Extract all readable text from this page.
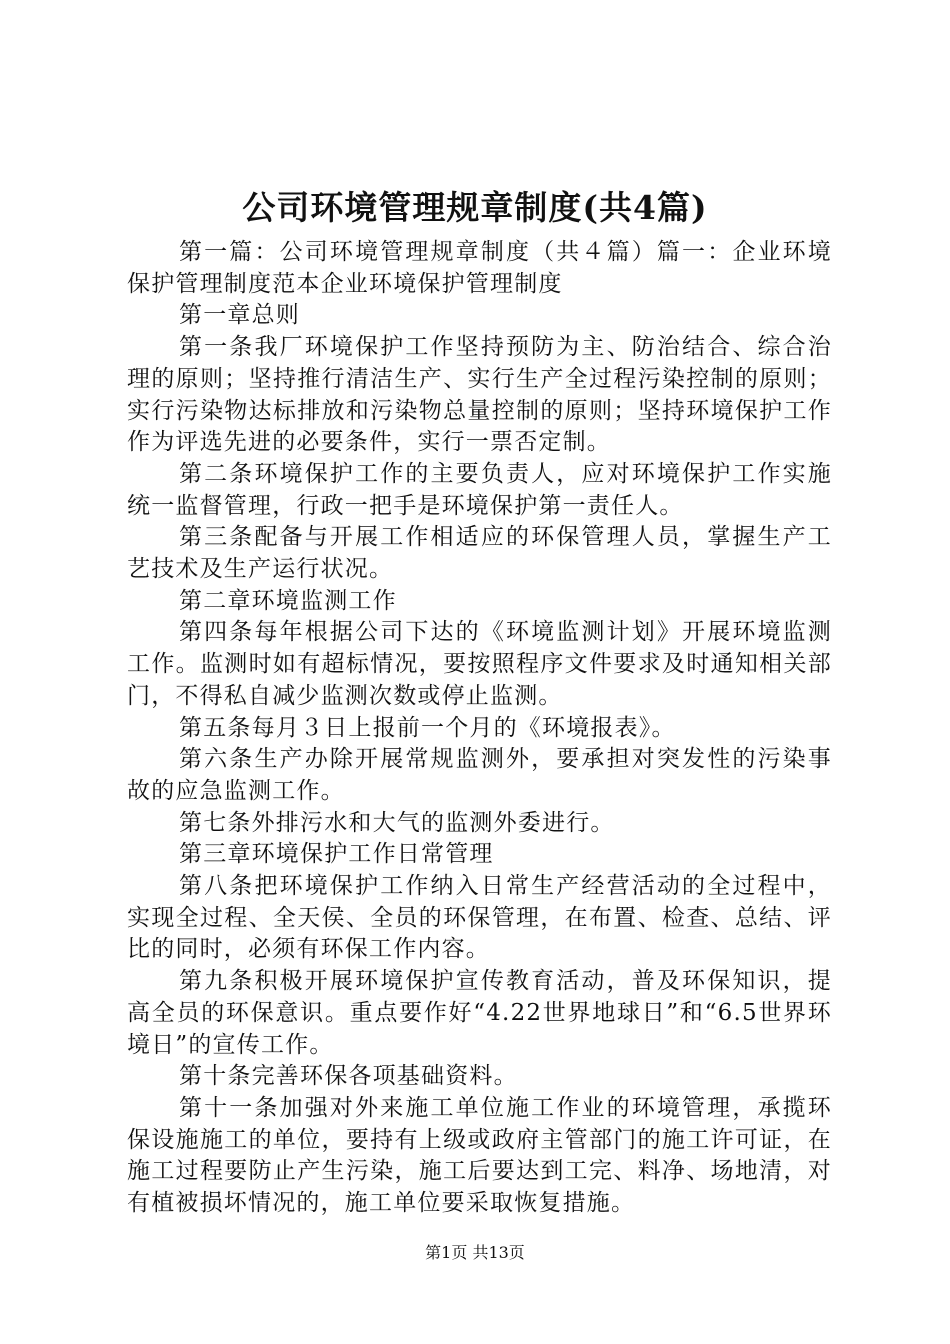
公司环境管理规章制度(共4篇)

第一篇：公司环境管理规章制度（共４篇）篇一：企业环境保护管理制度范本企业环境保护管理制度

第一章总则

第一条我厂环境保护工作坚持预防为主、防治结合、综合治理的原则；坚持推行清洁生产、实行生产全过程污染控制的原则；实行污染物达标排放和污染物总量控制的原则；坚持环境保护工作作为评选先进的必要条件，实行一票否定制。

第二条环境保护工作的主要负责人，应对环境保护工作实施统一监督管理，行政一把手是环境保护第一责任人。

第三条配备与开展工作相适应的环保管理人员，掌握生产工艺技术及生产运行状况。

第二章环境监测工作

第四条每年根据公司下达的《环境监测计划》开展环境监测工作。监测时如有超标情况，要按照程序文件要求及时通知相关部门，不得私自减少监测次数或停止监测。

第五条每月３日上报前一个月的《环境报表》。

第六条生产办除开展常规监测外，要承担对突发性的污染事故的应急监测工作。

第七条外排污水和大气的监测外委进行。

第三章环境保护工作日常管理

第八条把环境保护工作纳入日常生产经营活动的全过程中，实现全过程、全天侯、全员的环保管理，在布置、检查、总结、评比的同时，必须有环保工作内容。

第九条积极开展环境保护宣传教育活动，普及环保知识，提高全员的环保意识。重点要作好“4.22世界地球日”和“6.5世界环境日”的宣传工作。

第十条完善环保各项基础资料。

第十一条加强对外来施工单位施工作业的环境管理，承揽环保设施施工的单位，要持有上级或政府主管部门的施工许可证，在施工过程要防止产生污染，施工后要达到工完、料净、场地清，对有植被损坏情况的，施工单位要采取恢复措施。

第1页 共13页
